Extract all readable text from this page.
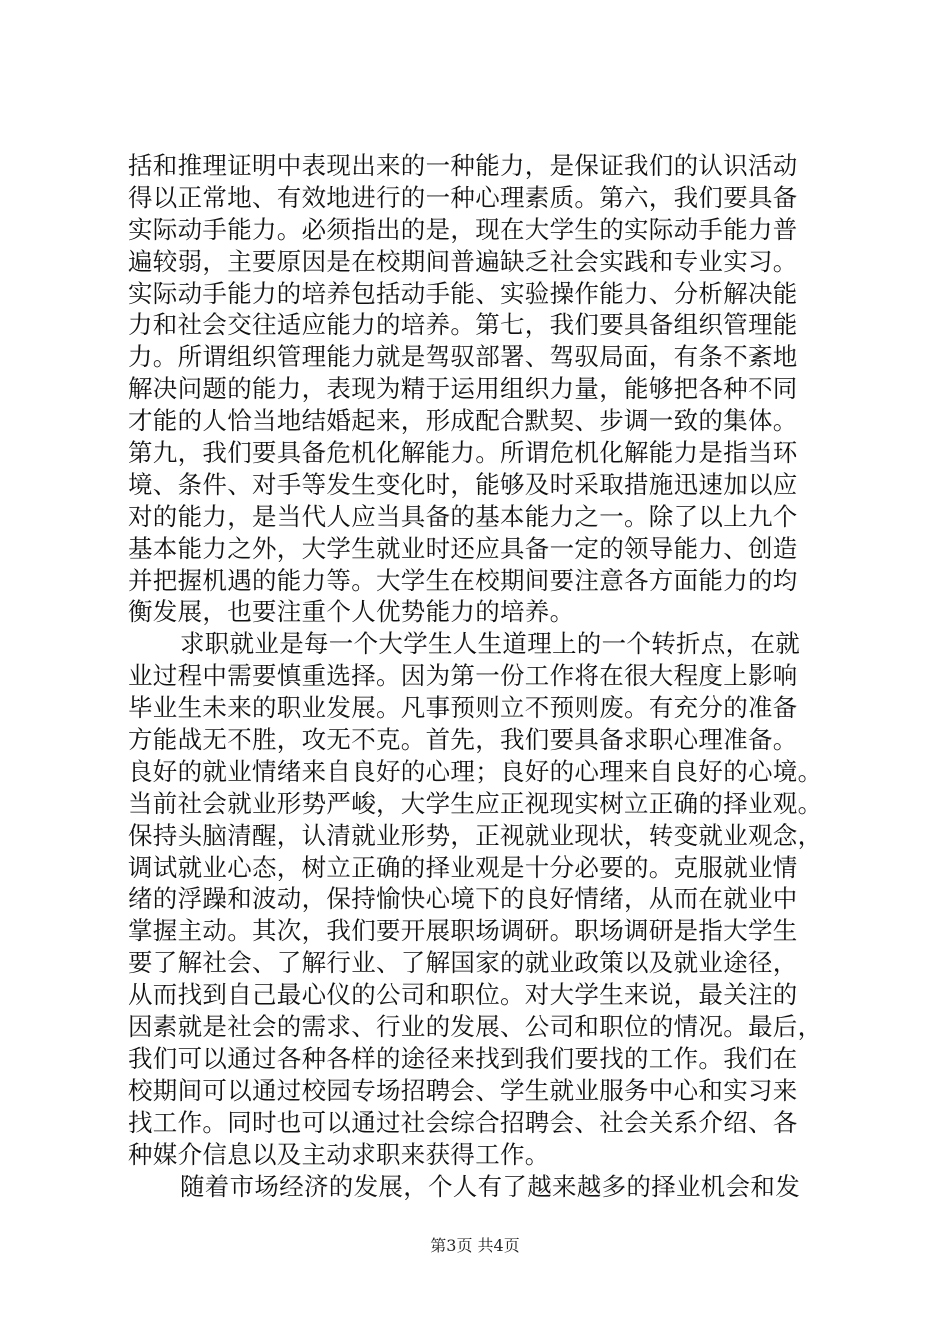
括和推理证明中表现出来的一种能力，是保证我们的认识活动
得以正常地、有效地进行的一种心理素质。第六，我们要具备
实际动手能力。必须指出的是，现在大学生的实际动手能力普
遍较弱，主要原因是在校期间普遍缺乏社会实践和专业实习。
实际动手能力的培养包括动手能、实验操作能力、分析解决能
力和社会交往适应能力的培养。第七，我们要具备组织管理能
力。所谓组织管理能力就是驾驭部署、驾驭局面，有条不紊地
解决问题的能力，表现为精于运用组织力量，能够把各种不同
才能的人恰当地结婚起来，形成配合默契、步调一致的集体。
第九，我们要具备危机化解能力。所谓危机化解能力是指当环
境、条件、对手等发生变化时，能够及时采取措施迅速加以应
对的能力，是当代人应当具备的基本能力之一。除了以上九个
基本能力之外，大学生就业时还应具备一定的领导能力、创造
并把握机遇的能力等。大学生在校期间要注意各方面能力的均
衡发展，也要注重个人优势能力的培养。
求职就业是每一个大学生人生道理上的一个转折点，在就
业过程中需要慎重选择。因为第一份工作将在很大程度上影响
毕业生未来的职业发展。凡事预则立不预则废。有充分的准备
方能战无不胜，攻无不克。首先，我们要具备求职心理准备。
良好的就业情绪来自良好的心理；良好的心理来自良好的心境。
当前社会就业形势严峻，大学生应正视现实树立正确的择业观。
保持头脑清醒，认清就业形势，正视就业现状，转变就业观念，
调试就业心态，树立正确的择业观是十分必要的。克服就业情
绪的浮躁和波动，保持愉快心境下的良好情绪，从而在就业中
掌握主动。其次，我们要开展职场调研。职场调研是指大学生
要了解社会、了解行业、了解国家的就业政策以及就业途径，
从而找到自己最心仪的公司和职位。对大学生来说，最关注的
因素就是社会的需求、行业的发展、公司和职位的情况。最后，
我们可以通过各种各样的途径来找到我们要找的工作。我们在
校期间可以通过校园专场招聘会、学生就业服务中心和实习来
找工作。同时也可以通过社会综合招聘会、社会关系介绍、各
种媒介信息以及主动求职来获得工作。
随着市场经济的发展，个人有了越来越多的择业机会和发
第3页 共4页
